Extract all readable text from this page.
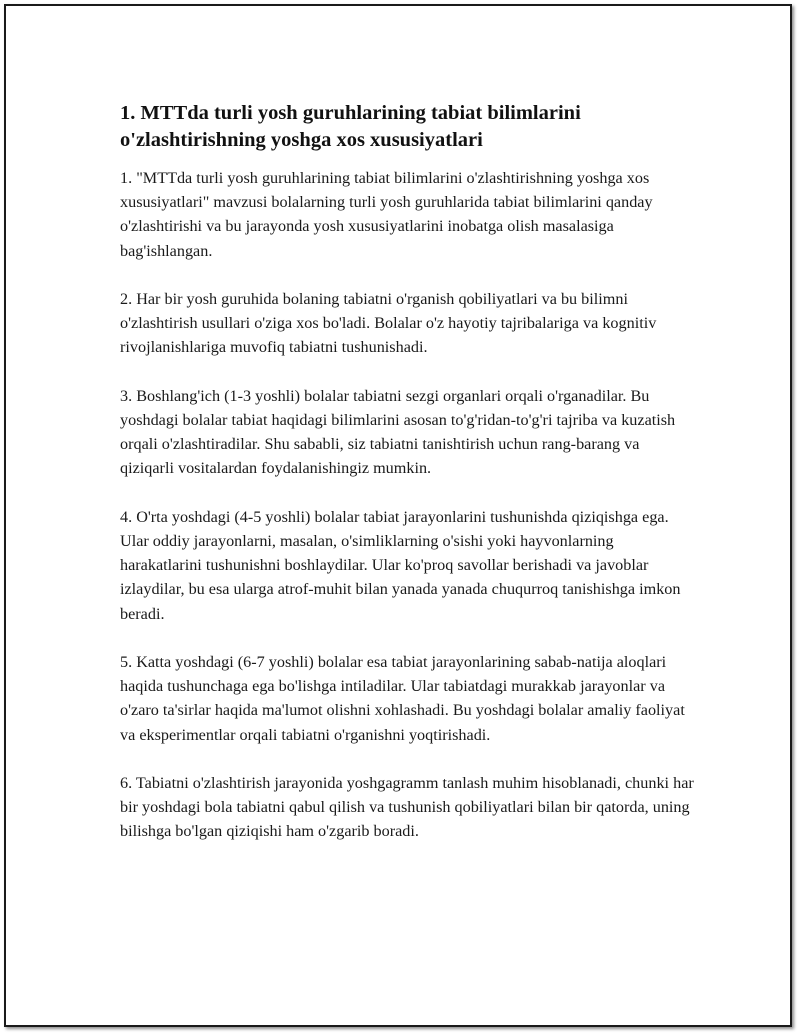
1. MTTda turli yosh guruhlarining tabiat bilimlarini o'zlashtirishning yoshga xos xususiyatlari

1. "MTTda turli yosh guruhlarining tabiat bilimlarini o'zlashtirishning yoshga xos xususiyatlari" mavzusi bolalarning turli yosh guruhlarida tabiat bilimlarini qanday o'zlashtirishi va bu jarayonda yosh xususiyatlarini inobatga olish masalasiga bag'ishlangan.

2. Har bir yosh guruhida bolaning tabiatni o'rganish qobiliyatlari va bu bilimni o'zlashtirish usullari o'ziga xos bo'ladi. Bolalar o'z hayotiy tajribalariga va kognitiv rivojlanishlariga muvofiq tabiatni tushunishadi.

3. Boshlang'ich (1-3 yoshli) bolalar tabiatni sezgi organlari orqali o'rganadilar. Bu yoshdagi bolalar tabiat haqidagi bilimlarini asosan to'g'ridan-to'g'ri tajriba va kuzatish orqali o'zlashtiradilar. Shu sababli, siz tabiatni tanishtirish uchun rang-barang va qiziqarli vositalardan foydalanishingiz mumkin.

4. O'rta yoshdagi (4-5 yoshli) bolalar tabiat jarayonlarini tushunishda qiziqishga ega. Ular oddiy jarayonlarni, masalan, o'simliklarning o'sishi yoki hayvonlarning harakatlarini tushunishni boshlaydilar. Ular ko'proq savollar berishadi va javoblar izlaydilar, bu esa ularga atrof-muhit bilan yanada yanada chuqurroq tanishishga imkon beradi.

5. Katta yoshdagi (6-7 yoshli) bolalar esa tabiat jarayonlarining sabab-natija aloqlari haqida tushunchaga ega bo'lishga intiladilar. Ular tabiatdagi murakkab jarayonlar va o'zaro ta'sirlar haqida ma'lumot olishni xohlashadi. Bu yoshdagi bolalar amaliy faoliyat va eksperimentlar orqali tabiatni o'rganishni yoqtirishadi.

6. Tabiatni o'zlashtirish jarayonida yoshgagramm tanlash muhim hisoblanadi, chunki har bir yoshdagi bola tabiatni qabul qilish va tushunish qobiliyatlari bilan bir qatorda, uning bilishga bo'lgan qiziqishi ham o'zgarib boradi.
